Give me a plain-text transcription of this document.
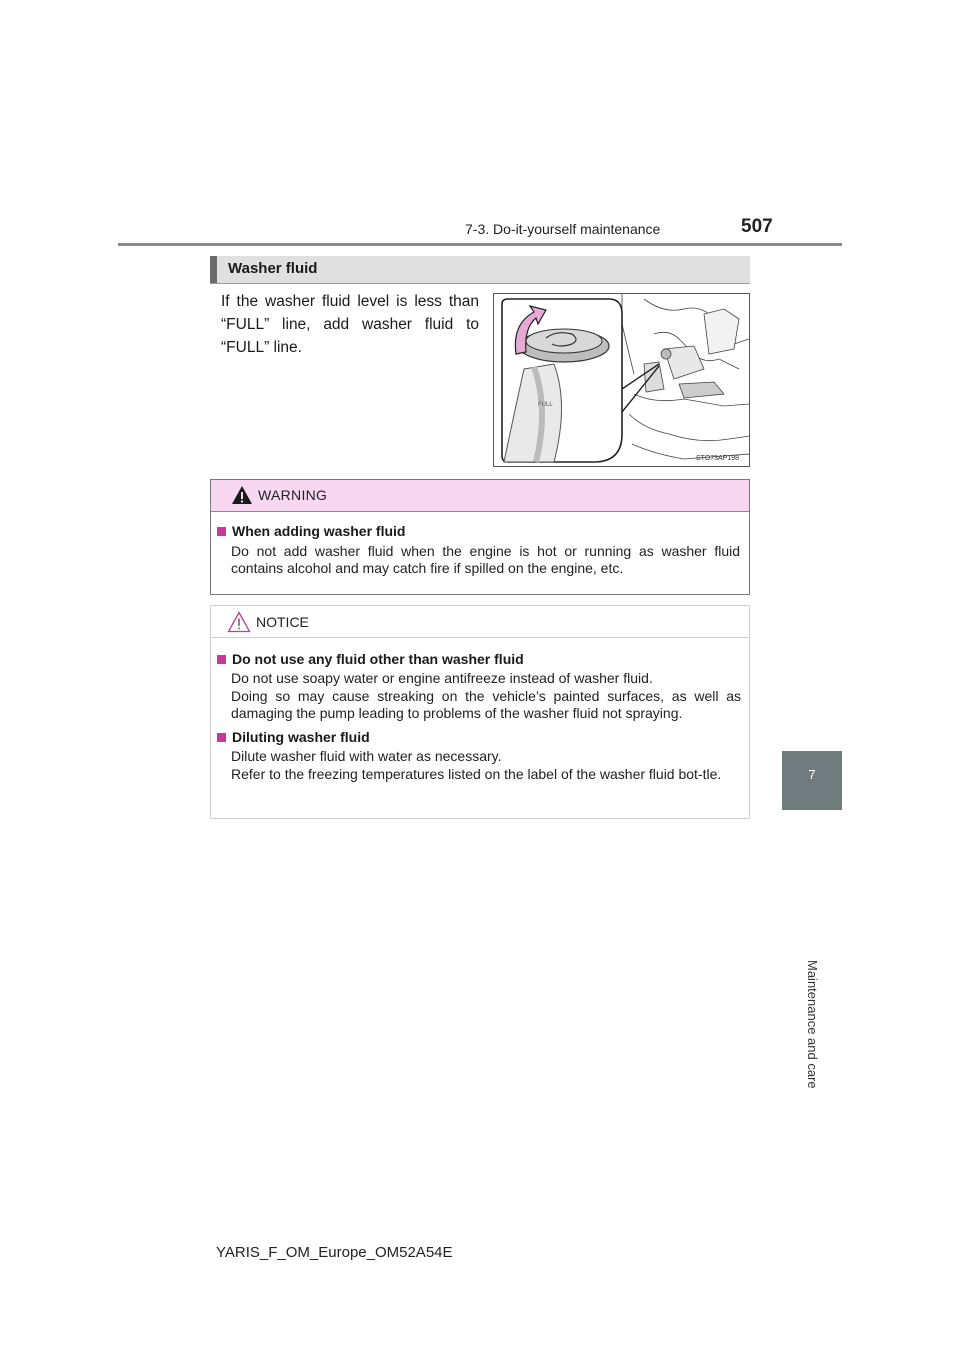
7-3. Do-it-yourself maintenance	507
7
Maintenance and care
Washer fluid
If the washer fluid level is less than “FULL” line, add washer fluid to “FULL” line.
FULL
STO73AP198
WARNING
When adding washer fluid
Do not add washer fluid when the engine is hot or running as washer fluid contains alcohol and may catch fire if spilled on the engine, etc.
NOTICE
Do not use any fluid other than washer fluid
Do not use soapy water or engine antifreeze instead of washer fluid.
Doing so may cause streaking on the vehicle’s painted surfaces, as well as damaging the pump leading to problems of the washer fluid not spraying.
Diluting washer fluid
Dilute washer fluid with water as necessary.
Refer to the freezing temperatures listed on the label of the washer fluid bot-tle.
YARIS_F_OM_Europe_OM52A54E
